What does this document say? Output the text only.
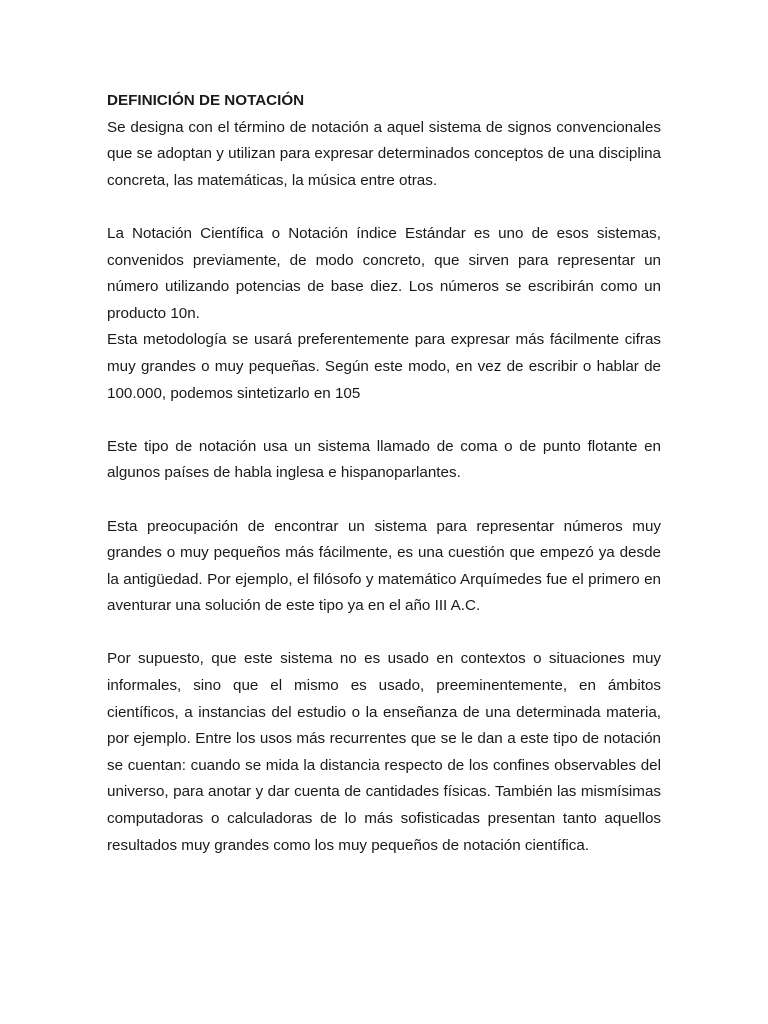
DEFINICIÓN DE NOTACIÓN

Se designa con el término de notación a aquel sistema de signos convencionales que se adoptan y utilizan para expresar determinados conceptos de una disciplina concreta, las matemáticas, la música entre otras.

La Notación Científica o Notación índice Estándar es uno de esos sistemas, convenidos previamente, de modo concreto, que sirven para representar un número utilizando potencias de base diez. Los números se escribirán como un producto 10n.

Esta metodología se usará preferentemente para expresar más fácilmente cifras muy grandes o muy pequeñas. Según este modo, en vez de escribir o hablar de 100.000, podemos sintetizarlo en 105

Este tipo de notación usa un sistema llamado de coma o de punto flotante en algunos países de habla inglesa e hispanoparlantes.

Esta preocupación de encontrar un sistema para representar números muy grandes o muy pequeños más fácilmente, es una cuestión que empezó ya desde la antigüedad. Por ejemplo, el filósofo y matemático Arquímedes fue el primero en aventurar una solución de este tipo ya en el año III A.C.

Por supuesto, que este sistema no es usado en contextos o situaciones muy informales, sino que el mismo es usado, preeminentemente, en ámbitos científicos, a instancias del estudio o la enseñanza de una determinada materia, por ejemplo. Entre los usos más recurrentes que se le dan a este tipo de notación se cuentan: cuando se mida la distancia respecto de los confines observables del universo, para anotar y dar cuenta de cantidades físicas. También las mismísimas computadoras o calculadoras de lo más sofisticadas presentan tanto aquellos resultados muy grandes como los muy pequeños de notación científica.
